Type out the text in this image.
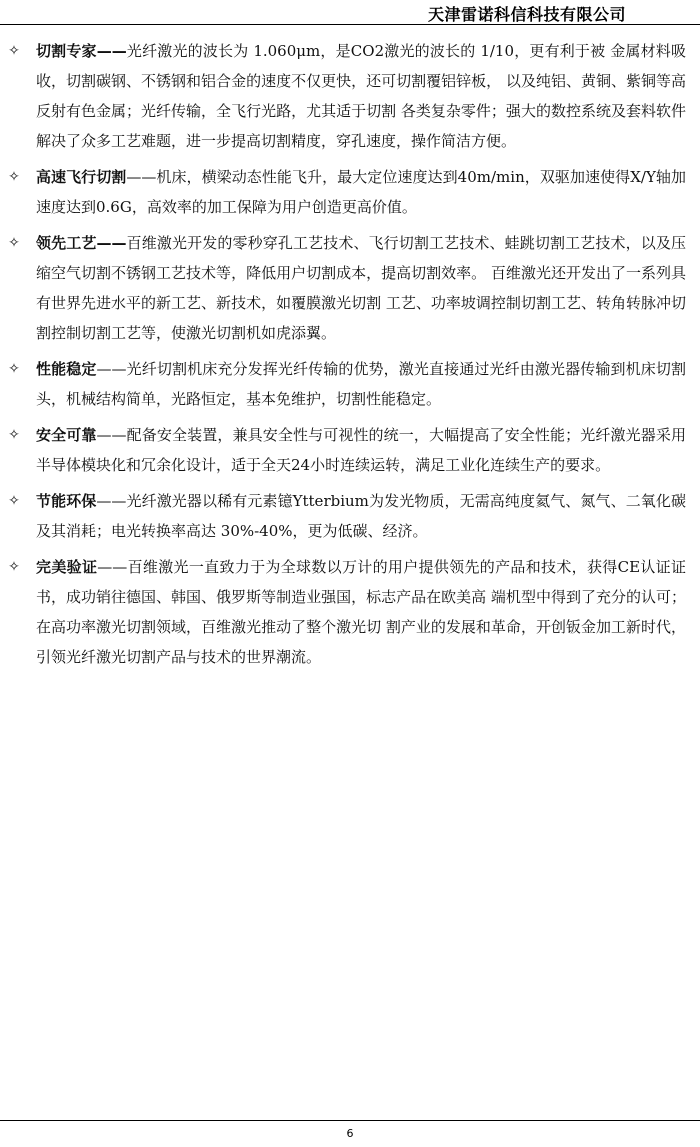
天津雷诺科信科技有限公司
✧ 切割专家——光纤激光的波长为 1.060μm，是CO2激光的波长的 1/10，更有利于被 金属材料吸收，切割碳钢、不锈钢和铝合金的速度不仅更快，还可切割覆铝锌板， 以及纯铝、黄铜、紫铜等高反射有色金属；光纤传输，全飞行光路，尤其适于切割 各类复杂零件；强大的数控系统及套料软件解决了众多工艺难题，进一步提高切割精度，穿孔速度，操作简洁方便。
✧ 高速飞行切割——机床，横梁动态性能飞升，最大定位速度达到40m/min，双驱加速使得X/Y轴加速度达到0.6G，高效率的加工保障为用户创造更高价值。
✧ 领先工艺——百维激光开发的零秒穿孔工艺技术、飞行切割工艺技术、蛙跳切割工艺技术，以及压缩空气切割不锈钢工艺技术等，降低用户切割成本，提高切割效率。 百维激光还开发出了一系列具有世界先进水平的新工艺、新技术，如覆膜激光切割 工艺、功率坡调控制切割工艺、转角转脉冲切割控制切割工艺等，使激光切割机如虎添翼。
✧ 性能稳定——光纤切割机床充分发挥光纤传输的优势，激光直接通过光纤由激光器传输到机床切割头，机械结构简单，光路恒定，基本免维护，切割性能稳定。
✧ 安全可靠——配备安全装置，兼具安全性与可视性的统一，大幅提高了安全性能；光纤激光器采用半导体模块化和冗余化设计，适于全天24小时连续运转，满足工业化连续生产的要求。
✧ 节能环保——光纤激光器以稀有元素镱Ytterbium为发光物质，无需高纯度氦气、氮气、二氧化碳及其消耗；电光转换率高达 30%-40%，更为低碳、经济。
✧ 完美验证——百维激光一直致力于为全球数以万计的用户提供领先的产品和技术，获得CE认证证书，成功销往德国、韩国、俄罗斯等制造业强国，标志产品在欧美高 端机型中得到了充分的认可；在高功率激光切割领域，百维激光推动了整个激光切 割产业的发展和革命，开创钣金加工新时代，引领光纤激光切割产品与技术的世界潮流。
6
